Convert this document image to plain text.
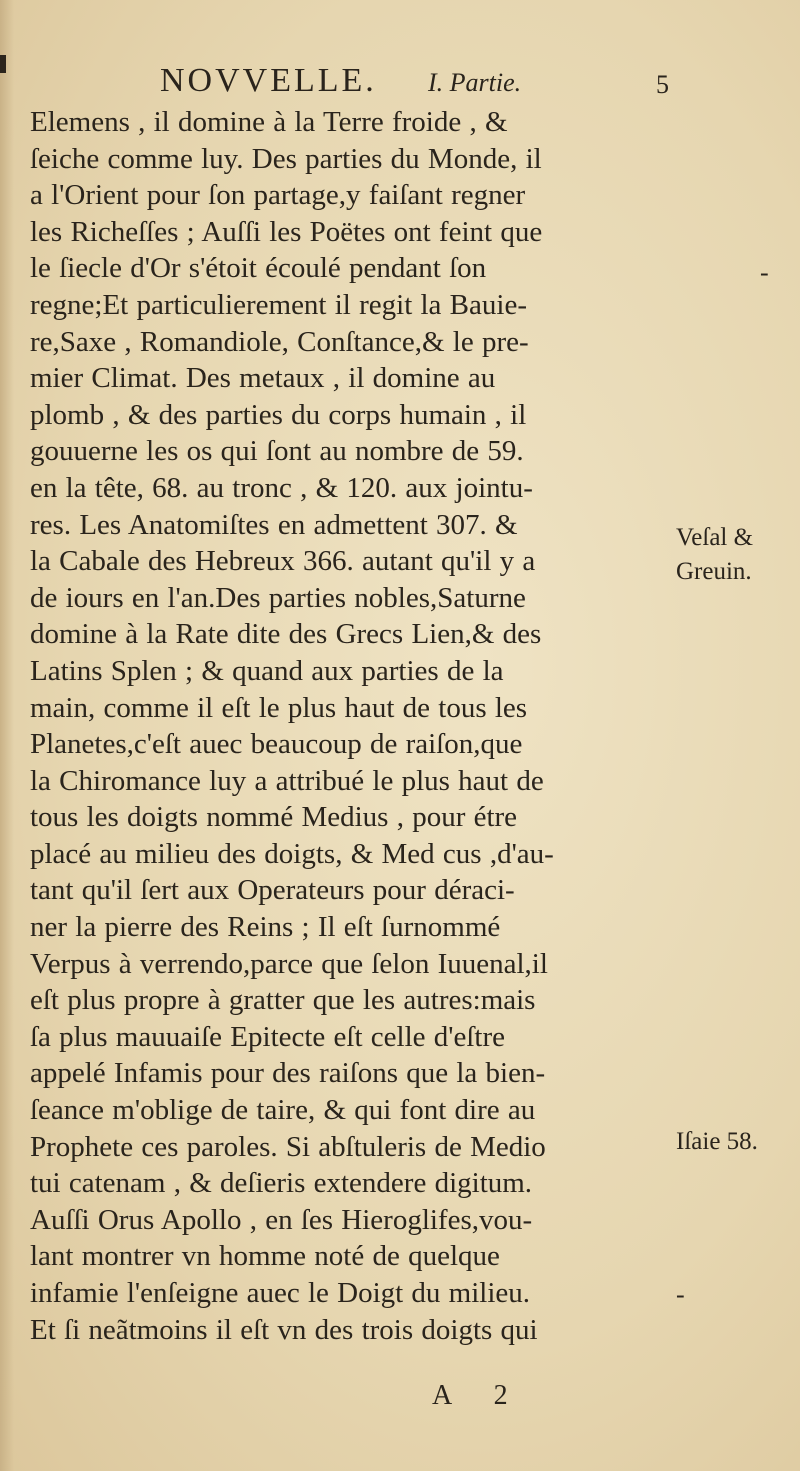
NOVVELLE. I. Partie.	5
Elemens , il domine à la Terre froide , &
ſeiche comme luy. Des parties du Monde, il
a l'Orient pour ſon partage,y faiſant regner
les Richeſſes ; Auſſi les Poëtes ont feint que
le ſiecle d'Or s'étoit écoulé pendant ſon
regne;Et particulierement il regit la Bauie-
re,Saxe , Romandiole, Conſtance,& le pre-
mier Climat. Des metaux , il domine au
plomb , & des parties du corps humain , il
gouuerne les os qui ſont au nombre de 59.
en la tête, 68. au tronc , & 120. aux jointu-
res. Les Anatomiſtes en admettent 307. &
la Cabale des Hebreux 366. autant qu'il y a
de iours en l'an.Des parties nobles,Saturne
domine à la Rate dite des Grecs Lien,& des
Latins Splen ; & quand aux parties de la
main, comme il eſt le plus haut de tous les
Planetes,c'eſt auec beaucoup de raiſon,que
la Chiromance luy a attribué le plus haut de
tous les doigts nommé Medius , pour étre
placé au milieu des doigts, & Med cus ,d'au-
tant qu'il ſert aux Operateurs pour déraci-
ner la pierre des Reins ; Il eſt ſurnommé
Verpus à verrendo,parce que ſelon Iuuenal,il
eſt plus propre à gratter que les autres:mais
ſa plus mauuaiſe Epitecte eſt celle d'eſtre
appelé Infamis pour des raiſons que la bien-
ſeance m'oblige de taire, & qui font dire au
Prophete ces paroles. Si abſtuleris de Medio
tui catenam , & deſieris extendere digitum.
Auſſi Orus Apollo , en ſes Hieroglifes,vou-
lant montrer vn homme noté de quelque
infamie l'enſeigne auec le Doigt du milieu.
Et ſi neãtmoins il eſt vn des trois doigts qui
Veſal &
Greuin.
Iſaie 58.
-
-
A 2
